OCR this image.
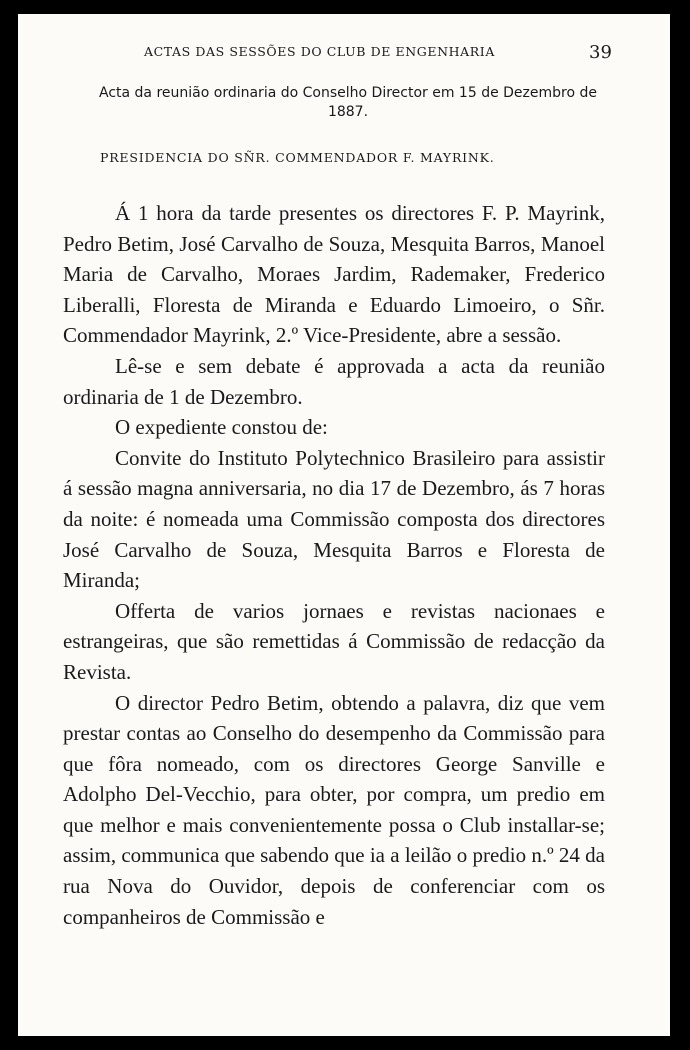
ACTAS DAS SESSÕES DO CLUB DE ENGENHARIA	39
Acta da reunião ordinaria do Conselho Director em 15 de Dezembro de 1887.
PRESIDENCIA DO SÑR. COMMENDADOR F. MAYRINK.

Á 1 hora da tarde presentes os directores F. P. Mayrink, Pedro Betim, José Carvalho de Souza, Mesquita Barros, Manoel Maria de Carvalho, Moraes Jardim, Rademaker, Frederico Liberalli, Floresta de Miranda e Eduardo Limoeiro, o Sñr. Commendador Mayrink, 2.º Vice-Presidente, abre a sessão.

Lê-se e sem debate é approvada a acta da reunião ordinaria de 1 de Dezembro.

O expediente constou de:

Convite do Instituto Polytechnico Brasileiro para assistir á sessão magna anniversaria, no dia 17 de Dezembro, ás 7 horas da noite: é nomeada uma Commissão composta dos directores José Carvalho de Souza, Mesquita Barros e Floresta de Miranda;

Offerta de varios jornaes e revistas nacionaes e estrangeiras, que são remettidas á Commissão de redacção da Revista.

O director Pedro Betim, obtendo a palavra, diz que vem prestar contas ao Conselho do desempenho da Commissão para que fôra nomeado, com os directores George Sanville e Adolpho Del-Vecchio, para obter, por compra, um predio em que melhor e mais convenientemente possa o Club installar-se; assim, communica que sabendo que ia a leilão o predio n.º 24 da rua Nova do Ouvidor, depois de conferenciar com os companheiros de Commissão e
